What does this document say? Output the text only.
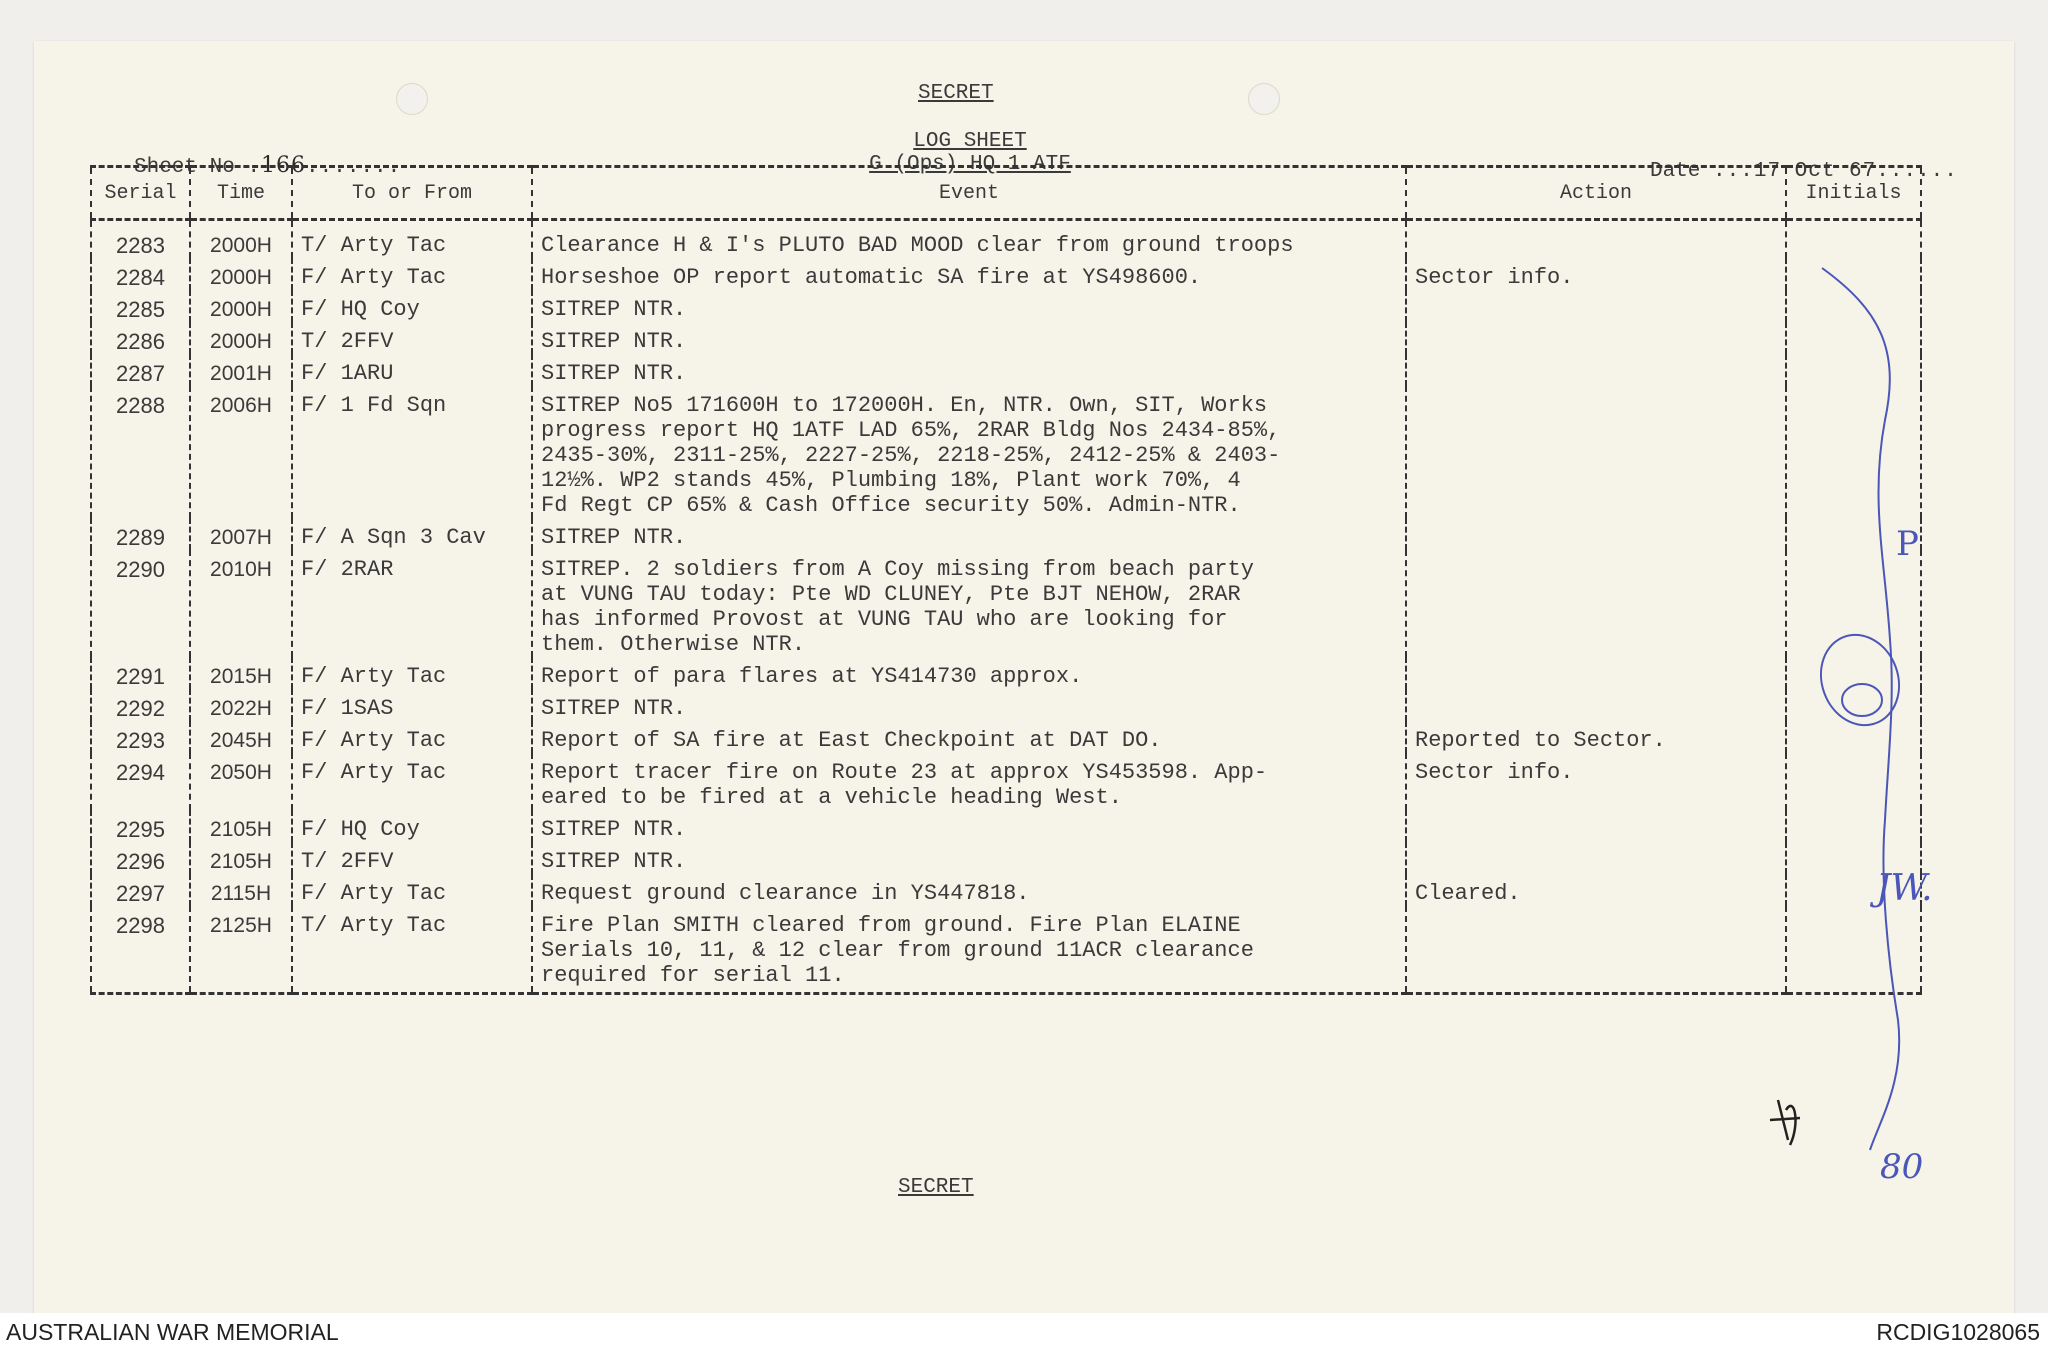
SECRET
LOG SHEET
G (Ops) HQ 1 ATF
Sheet No .166.......	Date ...17 Oct 67......
Serial	Time	To or From	Event	Action	Initials
2283	2000H	T/ Arty Tac	Clearance H & I's PLUTO BAD MOOD clear from ground troops		
2284	2000H	F/ Arty Tac	Horseshoe OP report automatic SA fire at YS498600.	Sector info.	
2285	2000H	F/ HQ Coy	SITREP NTR.		
2286	2000H	T/ 2FFV	SITREP NTR.		
2287	2001H	F/ 1ARU	SITREP NTR.		
2288	2006H	F/ 1 Fd Sqn	SITREP No5 171600H to 172000H. En, NTR. Own, SIT, Works
progress report HQ 1ATF LAD 65%, 2RAR Bldg Nos 2434-85%,
2435-30%, 2311-25%, 2227-25%, 2218-25%, 2412-25% & 2403-
12½%. WP2 stands 45%, Plumbing 18%, Plant work 70%, 4
Fd Regt CP 65% & Cash Office security 50%. Admin-NTR.		
2289	2007H	F/ A Sqn 3 Cav	SITREP NTR.		
2290	2010H	F/ 2RAR	SITREP. 2 soldiers from A Coy missing from beach party
at VUNG TAU today: Pte WD CLUNEY, Pte BJT NEHOW, 2RAR
has informed Provost at VUNG TAU who are looking for
them. Otherwise NTR.		
2291	2015H	F/ Arty Tac	Report of para flares at YS414730 approx.		
2292	2022H	F/ 1SAS	SITREP NTR.		
2293	2045H	F/ Arty Tac	Report of SA fire at East Checkpoint at DAT DO.	Reported to Sector.	
2294	2050H	F/ Arty Tac	Report tracer fire on Route 23 at approx YS453598. App-
eared to be fired at a vehicle heading West.	Sector info.	
2295	2105H	F/ HQ Coy	SITREP NTR.		
2296	2105H	T/ 2FFV	SITREP NTR.		
2297	2115H	F/ Arty Tac	Request ground clearance in YS447818.	Cleared.	
2298	2125H	T/ Arty Tac	Fire Plan SMITH cleared from ground. Fire Plan ELAINE
Serials 10, 11, & 12 clear from ground 11ACR clearance
required for serial 11.		
SECRET
P
JW.
80
AUSTRALIAN WAR MEMORIAL	RCDIG1028065
